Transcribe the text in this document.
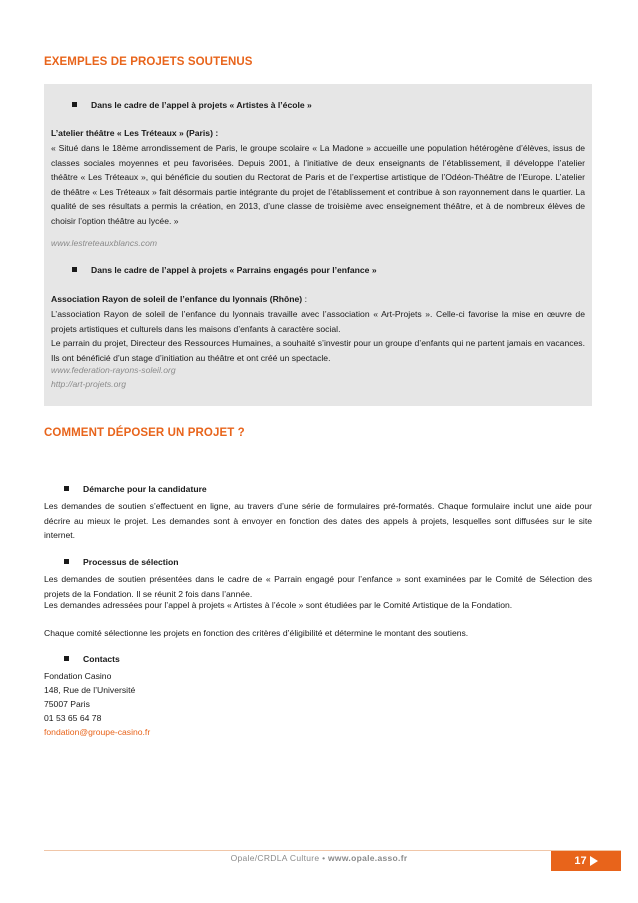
EXEMPLES DE PROJETS SOUTENUS
Dans le cadre de l’appel à projets « Artistes à l’école »
L’atelier théâtre « Les Tréteaux » (Paris) :
« Situé dans le 18ème arrondissement de Paris, le groupe scolaire « La Madone » accueille une population hétérogène d’élèves, issus de classes sociales moyennes et peu favorisées. Depuis 2001, à l’initiative de deux enseignants de l’établissement, il développe l’atelier théâtre « Les Tréteaux », qui bénéficie du soutien du Rectorat de Paris et de l’expertise artistique de l’Odéon-Théâtre de l’Europe. L’atelier de théâtre « Les Tréteaux » fait désormais partie intégrante du projet de l’établissement et contribue à son rayonnement dans le quartier. La qualité de ses résultats a permis la création, en 2013, d’une classe de troisième avec enseignement théâtre, et à de nombreux élèves de choisir l’option théâtre au lycée. »
www.lestreteauxblancs.com
Dans le cadre de l’appel à projets « Parrains engagés pour l’enfance »
Association Rayon de soleil de l’enfance du lyonnais (Rhône) :
L’association Rayon de soleil de l’enfance du lyonnais travaille avec l’association « Art-Projets ». Celle-ci favorise la mise en œuvre de projets artistiques et culturels dans les maisons d’enfants à caractère social.
Le parrain du projet, Directeur des Ressources Humaines, a souhaité s’investir pour un groupe d’enfants qui ne partent jamais en vacances. Ils ont bénéficié d’un stage d’initiation au théâtre et ont créé un spectacle.
www.federation-rayons-soleil.org
http://art-projets.org
COMMENT DÉPOSER UN PROJET ?
Démarche pour la candidature
Les demandes de soutien s’effectuent en ligne, au travers d’une série de formulaires pré-formatés. Chaque formulaire inclut une aide pour décrire au mieux le projet. Les demandes sont à envoyer en fonction des dates des appels à projets, lesquelles sont diffusées sur le site internet.
Processus de sélection
Les demandes de soutien présentées dans le cadre de « Parrain engagé pour l’enfance » sont examinées par le Comité de Sélection des projets de la Fondation. Il se réunit 2 fois dans l’année.
Les demandes adressées pour l’appel à projets « Artistes à l’école » sont étudiées par le Comité Artistique de la Fondation.
Chaque comité sélectionne les projets en fonction des critères d’éligibilité et détermine le montant des soutiens.
Contacts
Fondation Casino
148, Rue de l’Université
75007 Paris
01 53 65 64 78
fondation@groupe-casino.fr
Opale/CRDLA Culture • www.opale.asso.fr	17
